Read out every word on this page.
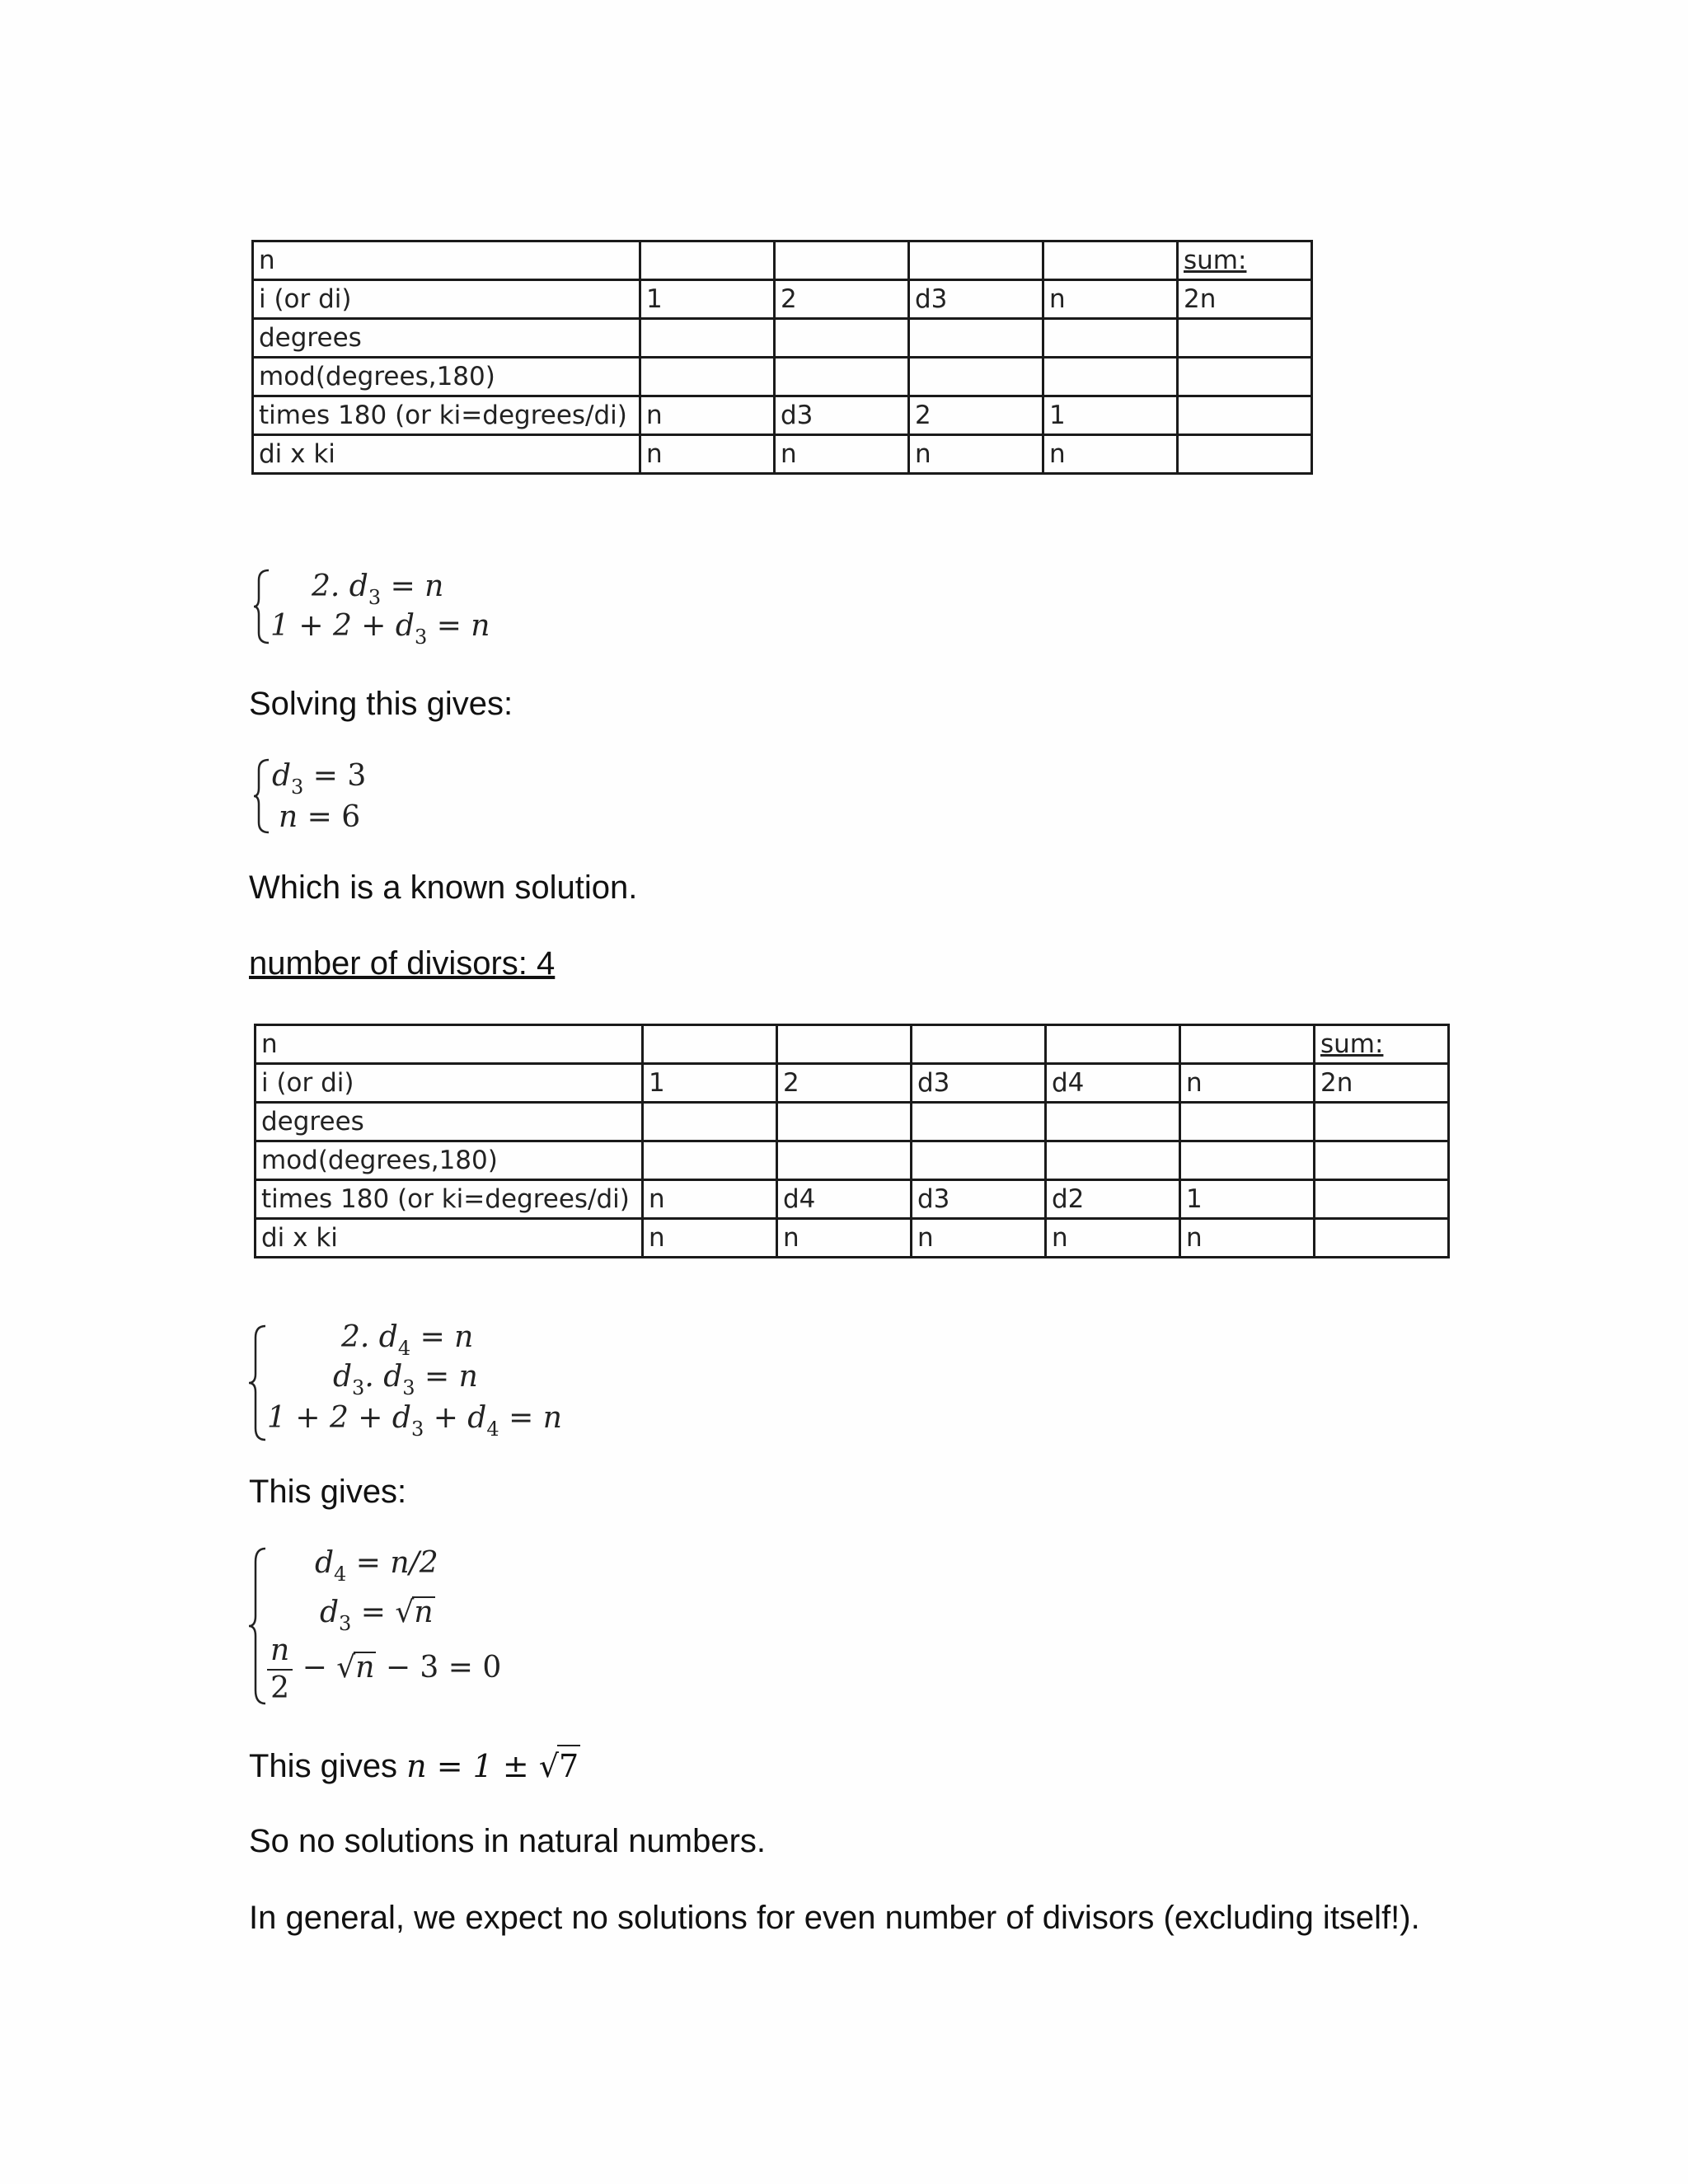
n					sum:
i (or di)	1	2	d3	n	2n
degrees					
mod(degrees,180)					
times 180 (or ki=degrees/di)	n	d3	2	1	
di x ki	n	n	n	n	
2. $d_3 = n$
$1 + 2 + d_3 = n$
Solving this gives:
$d_3 = 3$
n = 6
Which is a known solution.
number of divisors: 4
n						sum:
i (or di)	1	2	d3	d4	n	2n
degrees						
mod(degrees,180)						
times 180 (or ki=degrees/di)	n	d4	d3	d2	1	
di x ki	n	n	n	n	n	
2. $d_4 = n$
$d_3$. $d_3 = n$
$1 + 2 + d_3 + d_4 = n$
This gives:
$d_4 = n/2$
$d_3 = √n$
$\frac{n}{2} - √n - 3 = 0$
This gives n = 1 ± √7
So no solutions in natural numbers.
In general, we expect no solutions for even number of divisors (excluding itself!).
